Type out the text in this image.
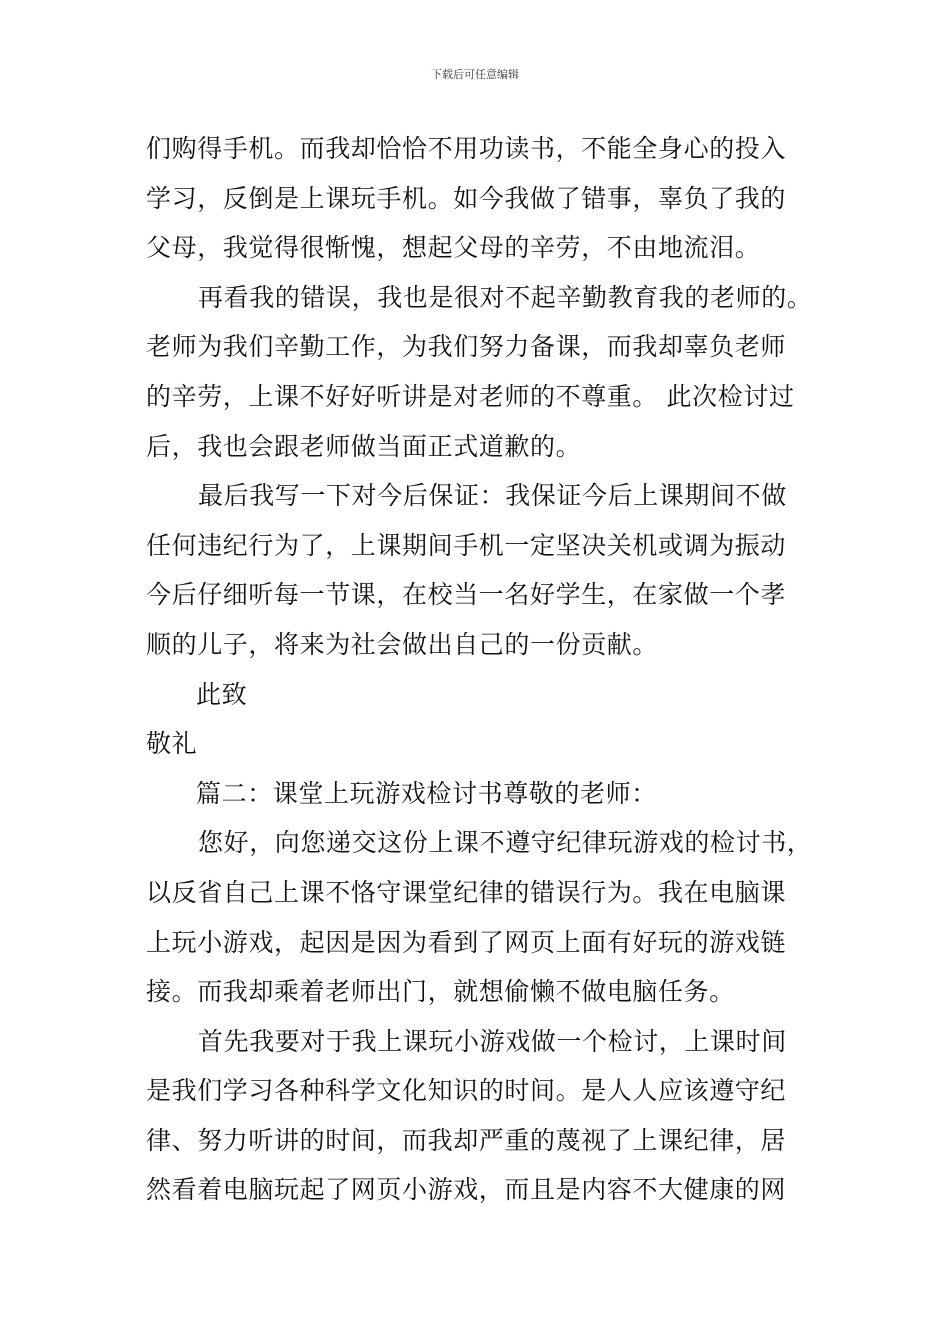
下载后可任意编辑
们购得手机。而我却恰恰不用功读书，不能全身心的投入
学习，反倒是上课玩手机。如今我做了错事，辜负了我的
父母，我觉得很惭愧，想起父母的辛劳，不由地流泪。
再看我的错误，我也是很对不起辛勤教育我的老师的。
老师为我们辛勤工作，为我们努力备课，而我却辜负老师
的辛劳，上课不好好听讲是对老师的不尊重。 此次检讨过
后，我也会跟老师做当面正式道歉的。
最后我写一下对今后保证：我保证今后上课期间不做
任何违纪行为了，上课期间手机一定坚决关机或调为振动
今后仔细听每一节课，在校当一名好学生，在家做一个孝
顺的儿子，将来为社会做出自己的一份贡献。
此致
敬礼
篇二：课堂上玩游戏检讨书尊敬的老师：
您好，向您递交这份上课不遵守纪律玩游戏的检讨书，
以反省自己上课不恪守课堂纪律的错误行为。我在电脑课
上玩小游戏，起因是因为看到了网页上面有好玩的游戏链
接。而我却乘着老师出门，就想偷懒不做电脑任务。
首先我要对于我上课玩小游戏做一个检讨，上课时间
是我们学习各种科学文化知识的时间。是人人应该遵守纪
律、努力听讲的时间，而我却严重的蔑视了上课纪律，居
然看着电脑玩起了网页小游戏，而且是内容不大健康的网
